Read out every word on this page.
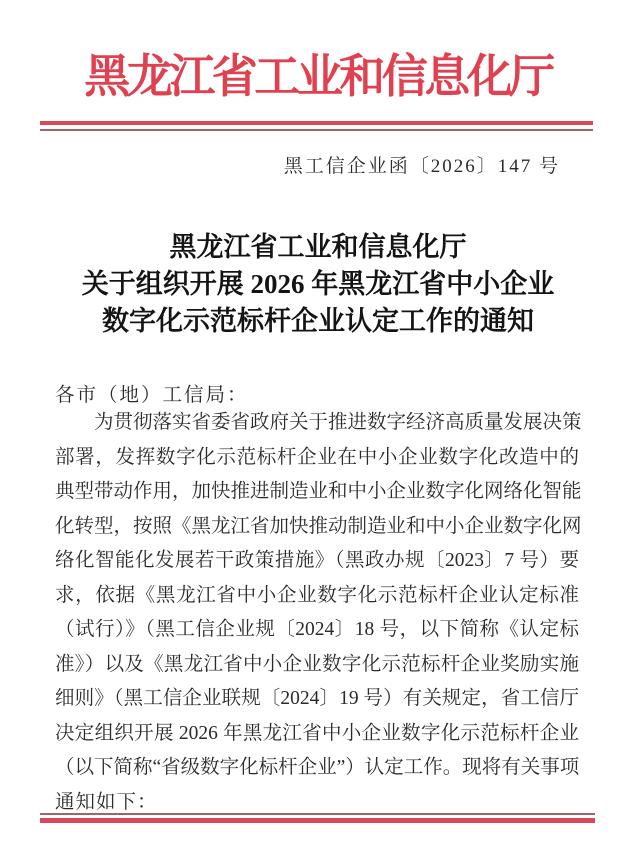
黑龙江省工业和信息化厅
黑工信企业函〔2026〕147 号
黑龙江省工业和信息化厅
关于组织开展 2026 年黑龙江省中小企业
数字化示范标杆企业认定工作的通知
各市（地）工信局：
为贯彻落实省委省政府关于推进数字经济高质量发展决策
部署，发挥数字化示范标杆企业在中小企业数字化改造中的
典型带动作用，加快推进制造业和中小企业数字化网络化智能
化转型，按照《黑龙江省加快推动制造业和中小企业数字化网
络化智能化发展若干政策措施》（黑政办规〔2023〕7 号）要
求，依据《黑龙江省中小企业数字化示范标杆企业认定标准
（试行）》（黑工信企业规〔2024〕18 号，以下简称《认定标
准》）以及《黑龙江省中小企业数字化示范标杆企业奖励实施
细则》（黑工信企业联规〔2024〕19 号）有关规定，省工信厅
决定组织开展 2026 年黑龙江省中小企业数字化示范标杆企业
（以下简称“省级数字化标杆企业”）认定工作。现将有关事项
通知如下：
